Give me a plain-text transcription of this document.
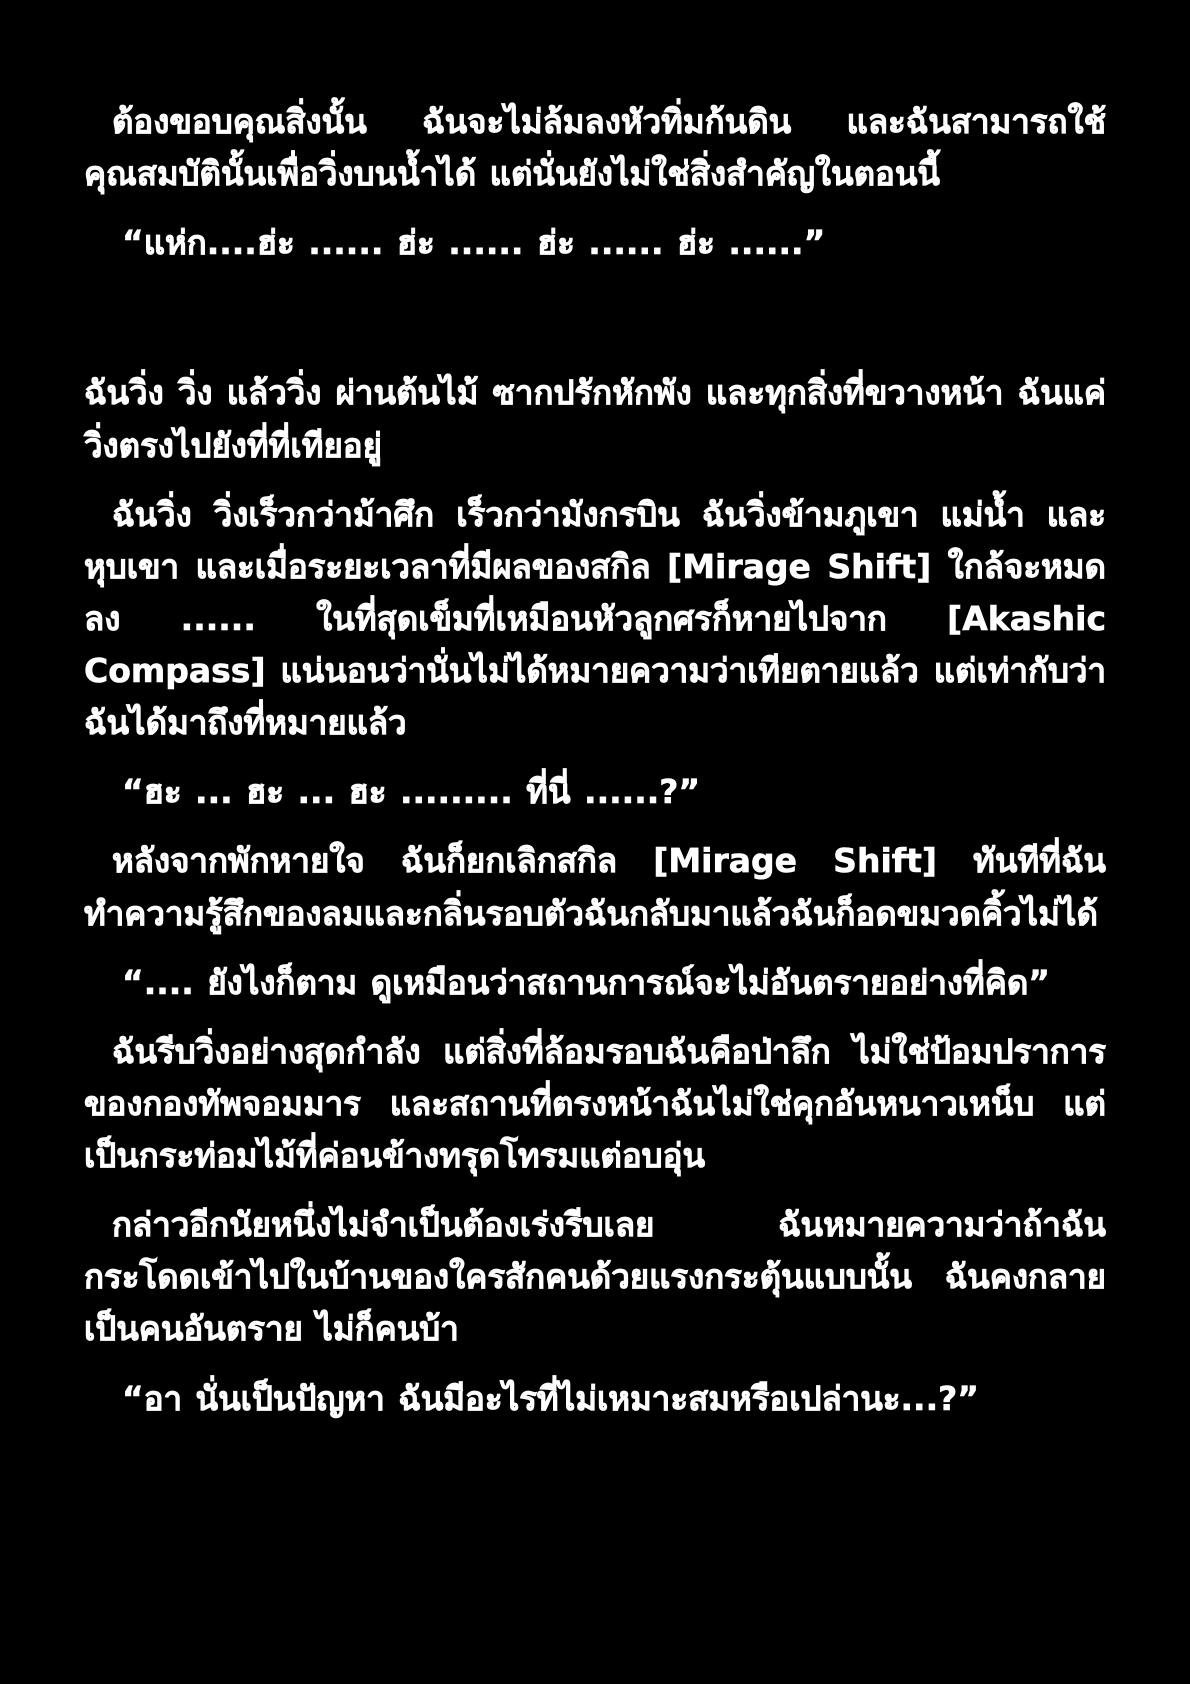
ต้องขอบคุณสิ่งนั้น ฉันจะไม่ล้มลงหัวทิ่มก้นดิน และฉันสามารถใช้คุณสมบัตินั้นเพื่อวิ่งบนน้ำได้ แต่นั่นยังไม่ใช่สิ่งสำคัญในตอนนี้

“แห่ก....ฮ่ะ ...... ฮ่ะ ...... ฮ่ะ ...... ฮ่ะ ......”

ฉันวิ่ง วิ่ง แล้ววิ่ง ผ่านต้นไม้ ซากปรักหักพัง และทุกสิ่งที่ขวางหน้า ฉันแค่วิ่งตรงไปยังที่ที่เทียอยู่

ฉันวิ่ง วิ่งเร็วกว่าม้าศึก เร็วกว่ามังกรบิน ฉันวิ่งข้ามภูเขา แม่น้ำ และหุบเขา และเมื่อระยะเวลาที่มีผลของสกิล [Mirage Shift] ใกล้จะหมดลง ...... ในที่สุดเข็มที่เหมือนหัวลูกศรก็หายไปจาก [Akashic Compass] แน่นอนว่านั่นไม่ได้หมายความว่าเทียตายแล้ว แต่เท่ากับว่าฉันได้มาถึงที่หมายแล้ว

“ฮะ ... ฮะ ... ฮะ ......... ที่นี่ ......?”

หลังจากพักหายใจ ฉันก็ยกเลิกสกิล [Mirage Shift] ทันทีที่ฉันทำความรู้สึกของลมและกลิ่นรอบตัวฉันกลับมาแล้วฉันก็อดขมวดคิ้วไม่ได้

“.... ยังไงก็ตาม ดูเหมือนว่าสถานการณ์จะไม่อันตรายอย่างที่คิด”

ฉันรีบวิ่งอย่างสุดกำลัง แต่สิ่งที่ล้อมรอบฉันคือป่าลึก ไม่ใช่ป้อมปราการของกองทัพจอมมาร และสถานที่ตรงหน้าฉันไม่ใช่คุกอันหนาวเหน็บ แต่เป็นกระท่อมไม้ที่ค่อนข้างทรุดโทรมแต่อบอุ่น

กล่าวอีกนัยหนึ่งไม่จำเป็นต้องเร่งรีบเลย ฉันหมายความว่าถ้าฉันกระโดดเข้าไปในบ้านของใครสักคนด้วยแรงกระตุ้นแบบนั้น ฉันคงกลายเป็นคนอันตราย ไม่ก็คนบ้า

“อา นั่นเป็นปัญหา ฉันมีอะไรที่ไม่เหมาะสมหรือเปล่านะ...?”
